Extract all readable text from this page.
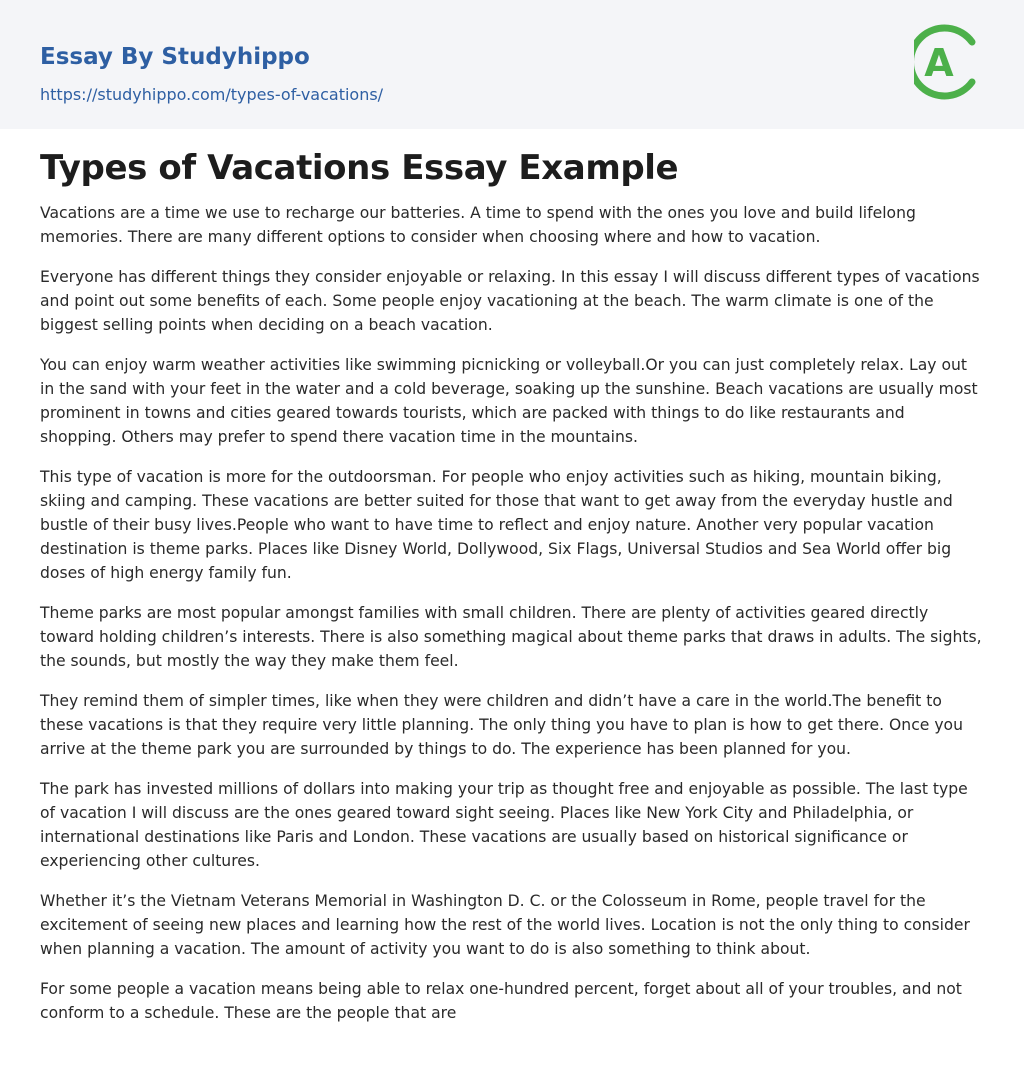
Essay By Studyhippo
https://studyhippo.com/types-of-vacations/
A
Types of Vacations Essay Example

Vacations are a time we use to recharge our batteries. A time to spend with the ones you love and build lifelong memories. There are many different options to consider when choosing where and how to vacation.

Everyone has different things they consider enjoyable or relaxing. In this essay I will discuss different types of vacations and point out some benefits of each. Some people enjoy vacationing at the beach. The warm climate is one of the biggest selling points when deciding on a beach vacation.

You can enjoy warm weather activities like swimming picnicking or volleyball.Or you can just completely relax. Lay out in the sand with your feet in the water and a cold beverage, soaking up the sunshine. Beach vacations are usually most prominent in towns and cities geared towards tourists, which are packed with things to do like restaurants and shopping. Others may prefer to spend there vacation time in the mountains.

This type of vacation is more for the outdoorsman. For people who enjoy activities such as hiking, mountain biking, skiing and camping. These vacations are better suited for those that want to get away from the everyday hustle and bustle of their busy lives.People who want to have time to reflect and enjoy nature. Another very popular vacation destination is theme parks. Places like Disney World, Dollywood, Six Flags, Universal Studios and Sea World offer big doses of high energy family fun.

Theme parks are most popular amongst families with small children. There are plenty of activities geared directly toward holding children’s interests. There is also something magical about theme parks that draws in adults. The sights, the sounds, but mostly the way they make them feel.

They remind them of simpler times, like when they were children and didn’t have a care in the world.The benefit to these vacations is that they require very little planning. The only thing you have to plan is how to get there. Once you arrive at the theme park you are surrounded by things to do. The experience has been planned for you.

The park has invested millions of dollars into making your trip as thought free and enjoyable as possible. The last type of vacation I will discuss are the ones geared toward sight seeing. Places like New York City and Philadelphia, or international destinations like Paris and London. These vacations are usually based on historical significance or experiencing other cultures.

Whether it’s the Vietnam Veterans Memorial in Washington D. C. or the Colosseum in Rome, people travel for the excitement of seeing new places and learning how the rest of the world lives. Location is not the only thing to consider when planning a vacation. The amount of activity you want to do is also something to think about.

For some people a vacation means being able to relax one-hundred percent, forget about all of your troubles, and not conform to a schedule. These are the people that are
